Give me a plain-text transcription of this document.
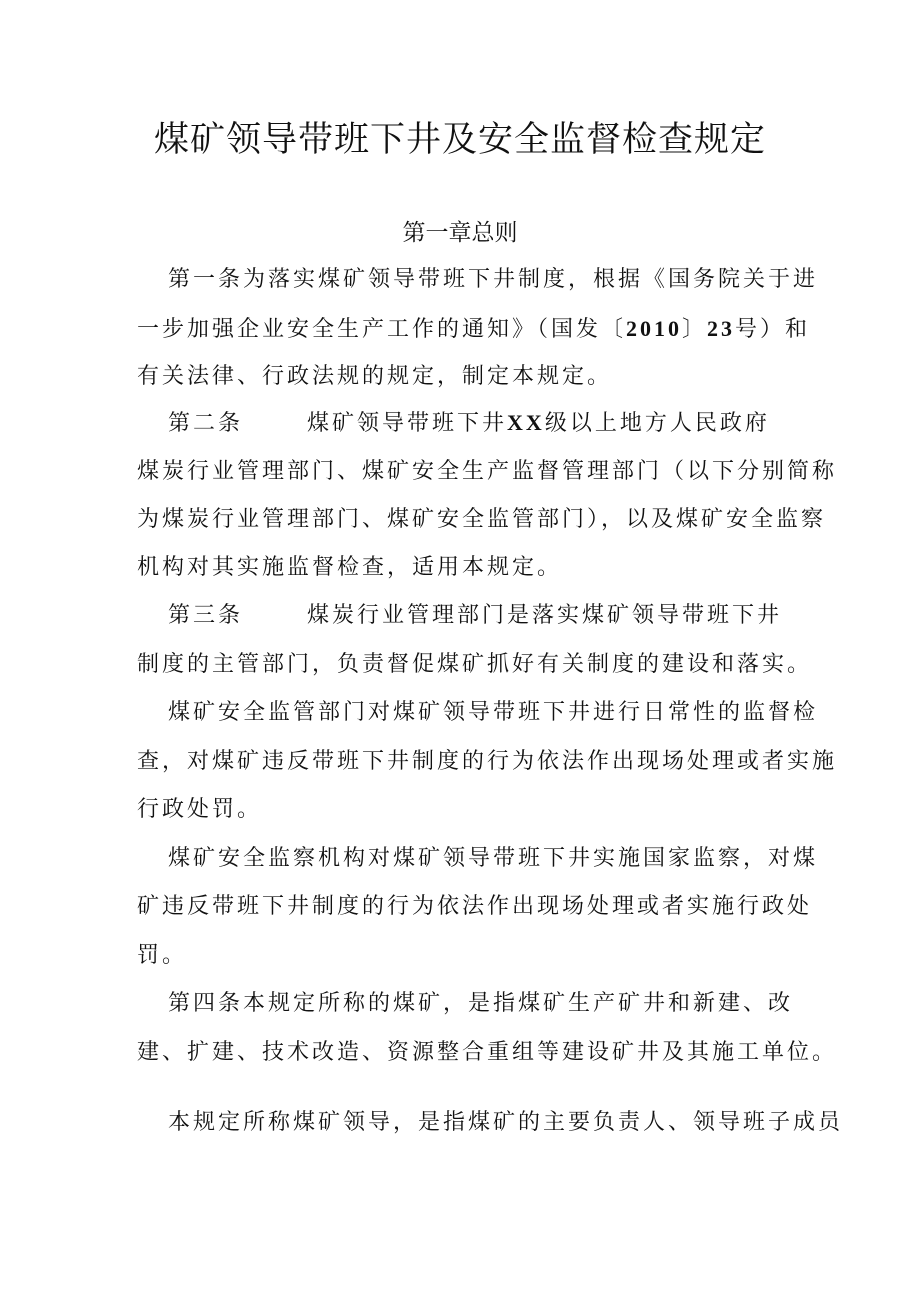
煤矿领导带班下井及安全监督检查规定
第一章总则
第一条为落实煤矿领导带班下井制度，根据《国务院关于进
一步加强企业安全生产工作的通知》（国发〔2010〕23号）和
有关法律、行政法规的规定，制定本规定。
第二条	煤矿领导带班下井XX级以上地方人民政府
煤炭行业管理部门、煤矿安全生产监督管理部门（以下分别简称
为煤炭行业管理部门、煤矿安全监管部门），以及煤矿安全监察
机构对其实施监督检查，适用本规定。
第三条	煤炭行业管理部门是落实煤矿领导带班下井
制度的主管部门，负责督促煤矿抓好有关制度的建设和落实。
煤矿安全监管部门对煤矿领导带班下井进行日常性的监督检
查，对煤矿违反带班下井制度的行为依法作出现场处理或者实施
行政处罚。
煤矿安全监察机构对煤矿领导带班下井实施国家监察，对煤
矿违反带班下井制度的行为依法作出现场处理或者实施行政处
罚。
第四条本规定所称的煤矿，是指煤矿生产矿井和新建、改
建、扩建、技术改造、资源整合重组等建设矿井及其施工单位。
本规定所称煤矿领导，是指煤矿的主要负责人、领导班子成员
